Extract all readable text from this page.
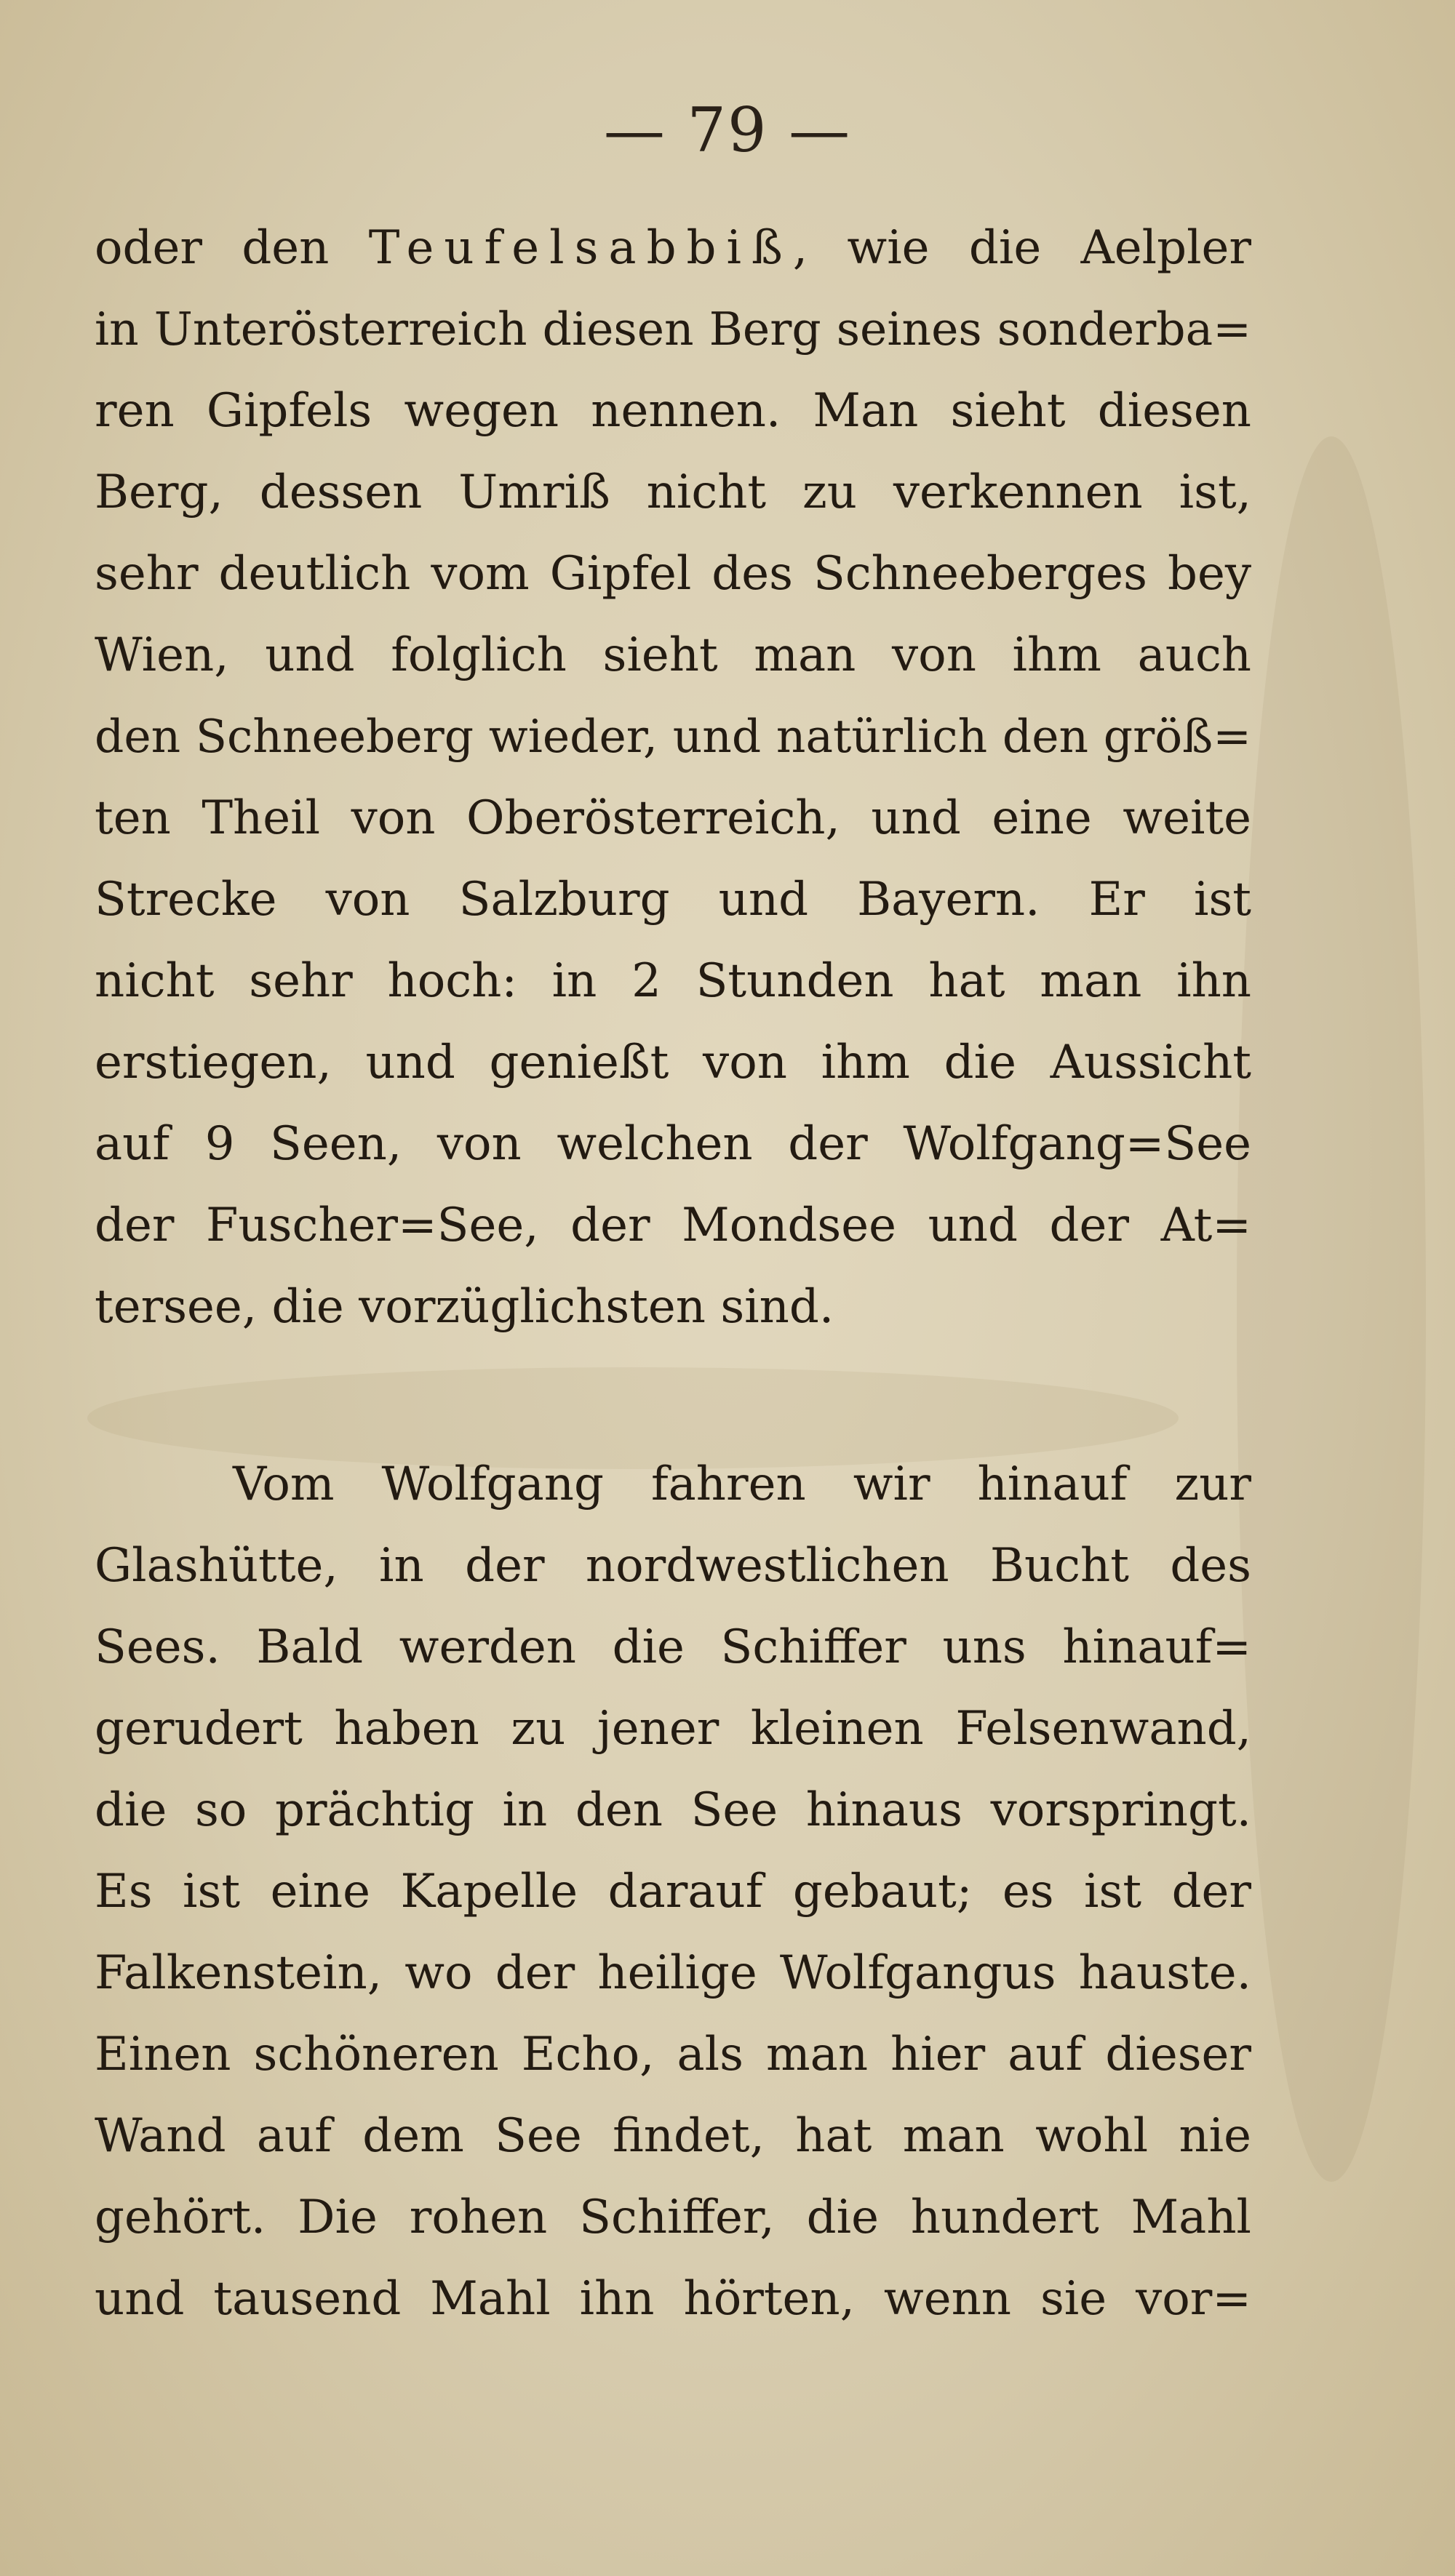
— 79 —
oder den Teufelsabbiß, wie die Aelpler
in Unterösterreich diesen Berg seines sonderba=
ren Gipfels wegen nennen. Man sieht diesen
Berg, dessen Umriß nicht zu verkennen ist,
sehr deutlich vom Gipfel des Schneeberges bey
Wien, und folglich sieht man von ihm auch
den Schneeberg wieder, und natürlich den größ=
ten Theil von Oberösterreich, und eine weite
Strecke von Salzburg und Bayern. Er ist
nicht sehr hoch: in 2 Stunden hat man ihn
erstiegen, und genießt von ihm die Aussicht
auf 9 Seen, von welchen der Wolfgang=See
der Fuscher=See, der Mondsee und der At=
tersee, die vorzüglichsten sind.
Vom Wolfgang fahren wir hinauf zur
Glashütte, in der nordwestlichen Bucht des
Sees. Bald werden die Schiffer uns hinauf=
gerudert haben zu jener kleinen Felsenwand,
die so prächtig in den See hinaus vorspringt.
Es ist eine Kapelle darauf gebaut; es ist der
Falkenstein, wo der heilige Wolfgangus hauste.
Einen schöneren Echo, als man hier auf dieser
Wand auf dem See findet, hat man wohl nie
gehört. Die rohen Schiffer, die hundert Mahl
und tausend Mahl ihn hörten, wenn sie vor=
